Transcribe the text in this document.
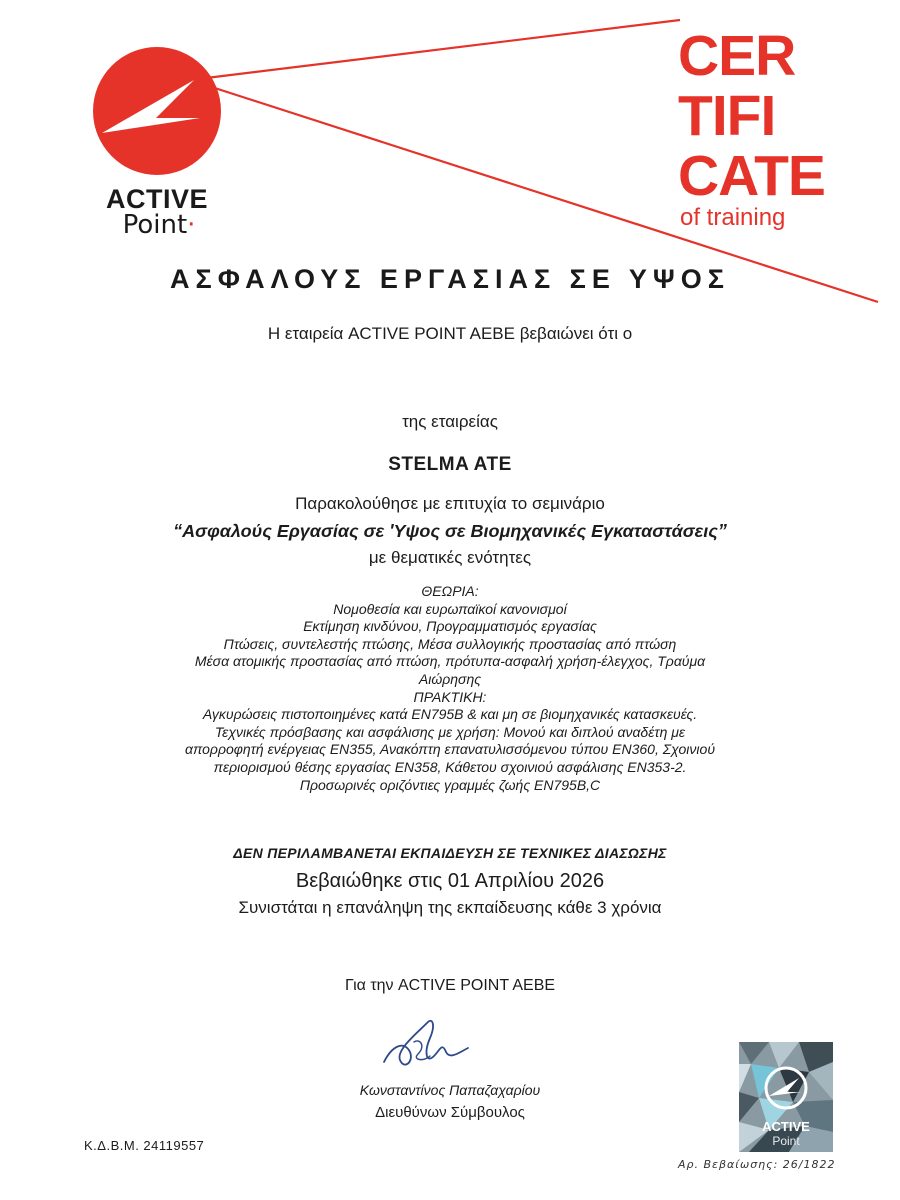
ACTIVE
Point·
CER
TIFI
CATE
of training
ΑΣΦΑΛΟΥΣ ΕΡΓΑΣΙΑΣ ΣΕ ΥΨΟΣ
Η εταιρεία ACTIVE POINT AEBE βεβαιώνει ότι ο
της εταιρείας
STELMA ATE
Παρακολούθησε με επιτυχία το σεμινάριο
“Ασφαλούς Εργασίας σε 'Υψος σε Βιομηχανικές Εγκαταστάσεις”
με θεματικές ενότητες
ΘΕΩΡΙΑ:
Νομοθεσία και ευρωπαϊκοί κανονισμοί
Εκτίμηση κινδύνου, Προγραμματισμός εργασίας
Πτώσεις, συντελεστής πτώσης, Μέσα συλλογικής προστασίας από πτώση
Μέσα ατομικής προστασίας από πτώση, πρότυπα-ασφαλή χρήση-έλεγχος, Τραύμα
Αιώρησης
ΠΡΑΚΤΙΚΗ:
Αγκυρώσεις πιστοποιημένες κατά ΕΝ795Β & και μη σε βιομηχανικές κατασκευές.
Τεχνικές πρόσβασης και ασφάλισης με χρήση: Μονού και διπλού αναδέτη με
απορροφητή ενέργειας ΕΝ355, Ανακόπτη επανατυλισσόμενου τύπου ΕΝ360, Σχοινιού
περιορισμού θέσης εργασίας ΕΝ358, Κάθετου σχοινιού ασφάλισης ΕΝ353-2.
Προσωρινές οριζόντιες γραμμές ζωής ΕΝ795Β,C
ΔΕΝ ΠΕΡΙΛΑΜΒΑΝΕΤΑΙ ΕΚΠΑΙΔΕΥΣΗ ΣΕ ΤΕΧΝΙΚΕΣ ΔΙΑΣΩΣΗΣ
Βεβαιώθηκε στις 01 Απριλίου 2026
Συνιστάται η επανάληψη της εκπαίδευσης κάθε 3 χρόνια
Για την ACTIVE POINT AEBE
Κωνσταντίνος Παπαζαχαρίου
Διευθύνων Σύμβουλος
Κ.Δ.Β.Μ. 24119557
ACTIVE
Point
Αρ. Βεβαίωσης: 26/1822
